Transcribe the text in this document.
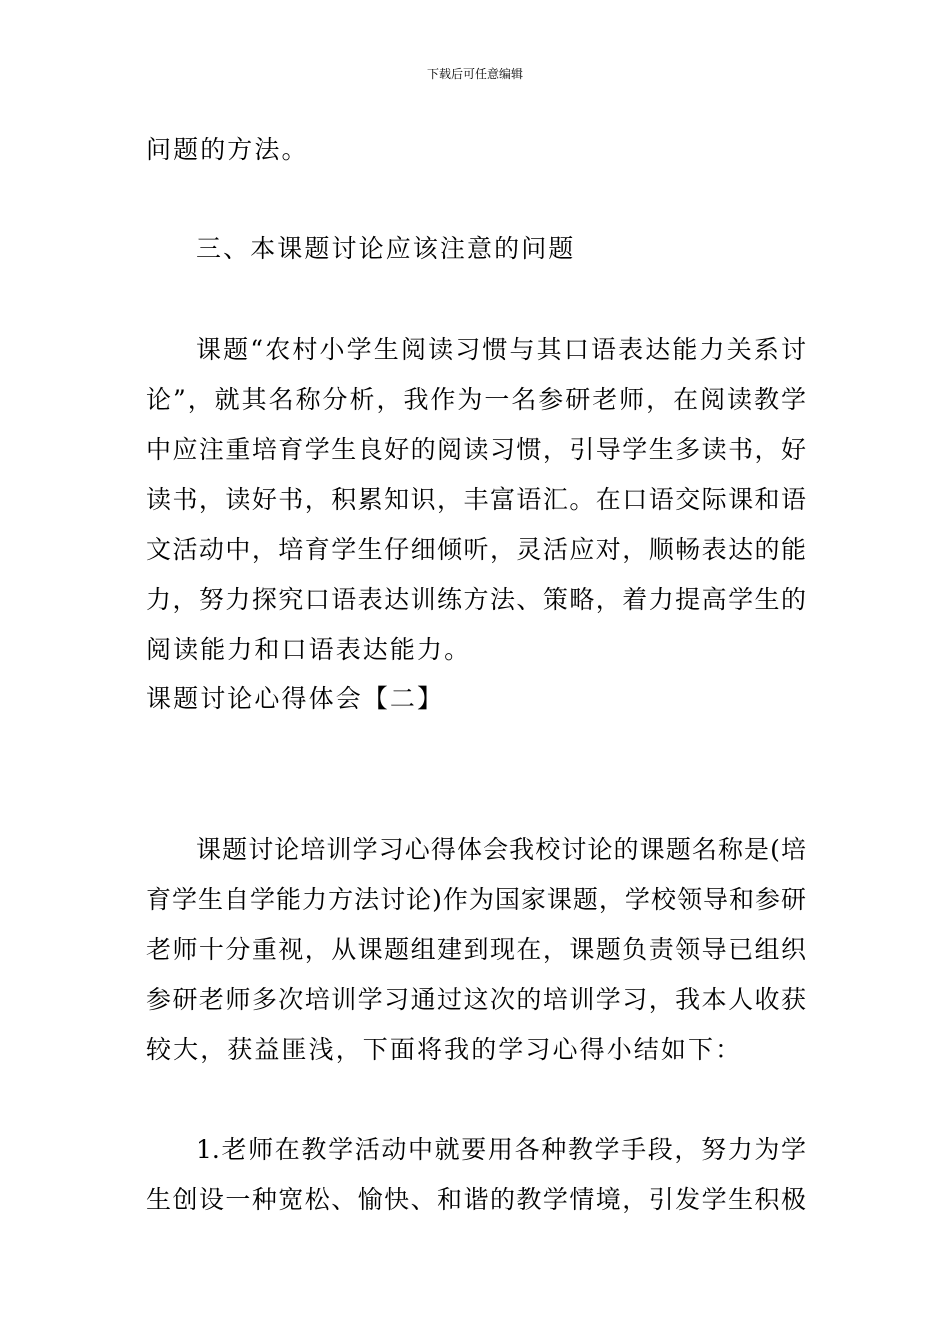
下载后可任意编辑
问题的方法。
三、本课题讨论应该注意的问题
课题“农村小学生阅读习惯与其口语表达能力关系讨
论”，就其名称分析，我作为一名参研老师，在阅读教学
中应注重培育学生良好的阅读习惯，引导学生多读书，好
读书，读好书，积累知识，丰富语汇。在口语交际课和语
文活动中，培育学生仔细倾听，灵活应对，顺畅表达的能
力，努力探究口语表达训练方法、策略，着力提高学生的
阅读能力和口语表达能力。
课题讨论心得体会【二】
课题讨论培训学习心得体会我校讨论的课题名称是(培
育学生自学能力方法讨论)作为国家课题，学校领导和参研
老师十分重视，从课题组建到现在，课题负责领导已组织
参研老师多次培训学习通过这次的培训学习，我本人收获
较大，获益匪浅，下面将我的学习心得小结如下：
1.老师在教学活动中就要用各种教学手段，努力为学
生创设一种宽松、愉快、和谐的教学情境，引发学生积极
